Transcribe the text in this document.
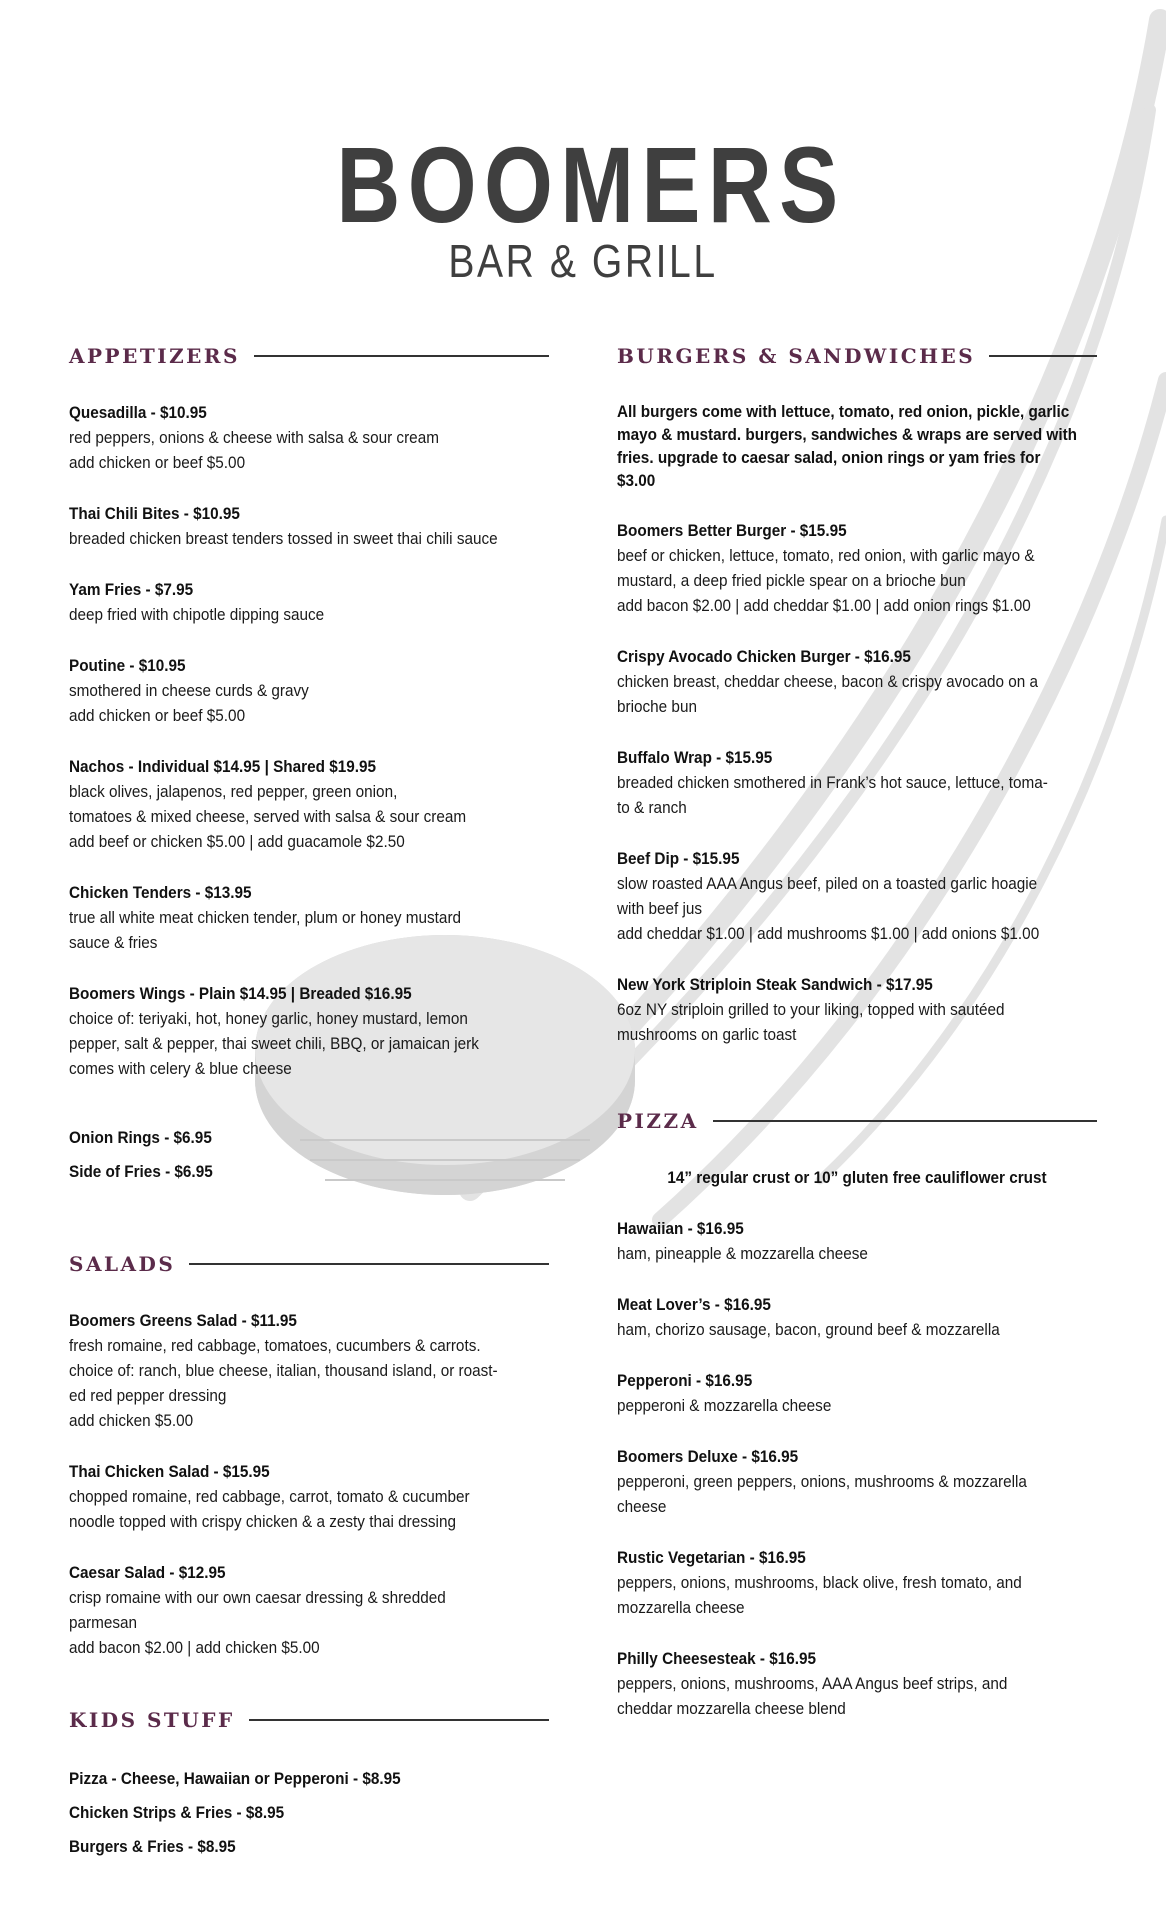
BOOMERS
BAR & GRILL
APPETIZERS
Quesadilla - $10.95
red peppers, onions & cheese with salsa & sour cream
add chicken or beef $5.00
Thai Chili Bites - $10.95
breaded chicken breast tenders tossed in sweet thai chili sauce
Yam Fries - $7.95
deep fried with chipotle dipping sauce
Poutine - $10.95
smothered in cheese curds & gravy
add chicken or beef $5.00
Nachos - Individual $14.95 | Shared $19.95
black olives, jalapenos, red pepper, green onion,
tomatoes & mixed cheese, served with salsa & sour cream
add beef or chicken $5.00 | add guacamole $2.50
Chicken Tenders - $13.95
true all white meat chicken tender, plum or honey mustard
sauce & fries
Boomers Wings - Plain $14.95 | Breaded $16.95
choice of: teriyaki, hot, honey garlic, honey mustard, lemon
pepper, salt & pepper, thai sweet chili, BBQ, or jamaican jerk
comes with celery & blue cheese
Onion Rings - $6.95
Side of Fries - $6.95
SALADS
Boomers Greens Salad - $11.95
fresh romaine, red cabbage, tomatoes, cucumbers & carrots.
choice of: ranch, blue cheese, italian, thousand island, or roast-
ed red pepper dressing
add chicken $5.00
Thai Chicken Salad - $15.95
chopped romaine, red cabbage, carrot, tomato & cucumber
noodle topped with crispy chicken & a zesty thai dressing
Caesar Salad - $12.95
crisp romaine with our own caesar dressing & shredded
parmesan
add bacon $2.00 | add chicken $5.00
KIDS STUFF
Pizza - Cheese, Hawaiian or Pepperoni - $8.95
Chicken Strips & Fries - $8.95
Burgers & Fries - $8.95
BURGERS & SANDWICHES
All burgers come with lettuce, tomato, red onion, pickle, garlic
mayo & mustard. burgers, sandwiches & wraps are served with
fries. upgrade to caesar salad, onion rings or yam fries for
$3.00
Boomers Better Burger - $15.95
beef or chicken, lettuce, tomato, red onion, with garlic mayo &
mustard, a deep fried pickle spear on a brioche bun
add bacon $2.00 | add cheddar $1.00 | add onion rings $1.00
Crispy Avocado Chicken Burger - $16.95
chicken breast, cheddar cheese, bacon & crispy avocado on a
brioche bun
Buffalo Wrap - $15.95
breaded chicken smothered in Frank’s hot sauce, lettuce, toma-
to & ranch
Beef Dip - $15.95
slow roasted AAA Angus beef, piled on a toasted garlic hoagie
with beef jus
add cheddar $1.00 | add mushrooms $1.00 | add onions $1.00
New York Striploin Steak Sandwich - $17.95
6oz NY striploin grilled to your liking, topped with sautéed
mushrooms on garlic toast
PIZZA
14” regular crust or 10” gluten free cauliflower crust
Hawaiian - $16.95
ham, pineapple & mozzarella cheese
Meat Lover’s - $16.95
ham, chorizo sausage, bacon, ground beef & mozzarella
Pepperoni - $16.95
pepperoni & mozzarella cheese
Boomers Deluxe - $16.95
pepperoni, green peppers, onions, mushrooms & mozzarella
cheese
Rustic Vegetarian - $16.95
peppers, onions, mushrooms, black olive, fresh tomato, and
mozzarella cheese
Philly Cheesesteak - $16.95
peppers, onions, mushrooms, AAA Angus beef strips, and
cheddar mozzarella cheese blend
